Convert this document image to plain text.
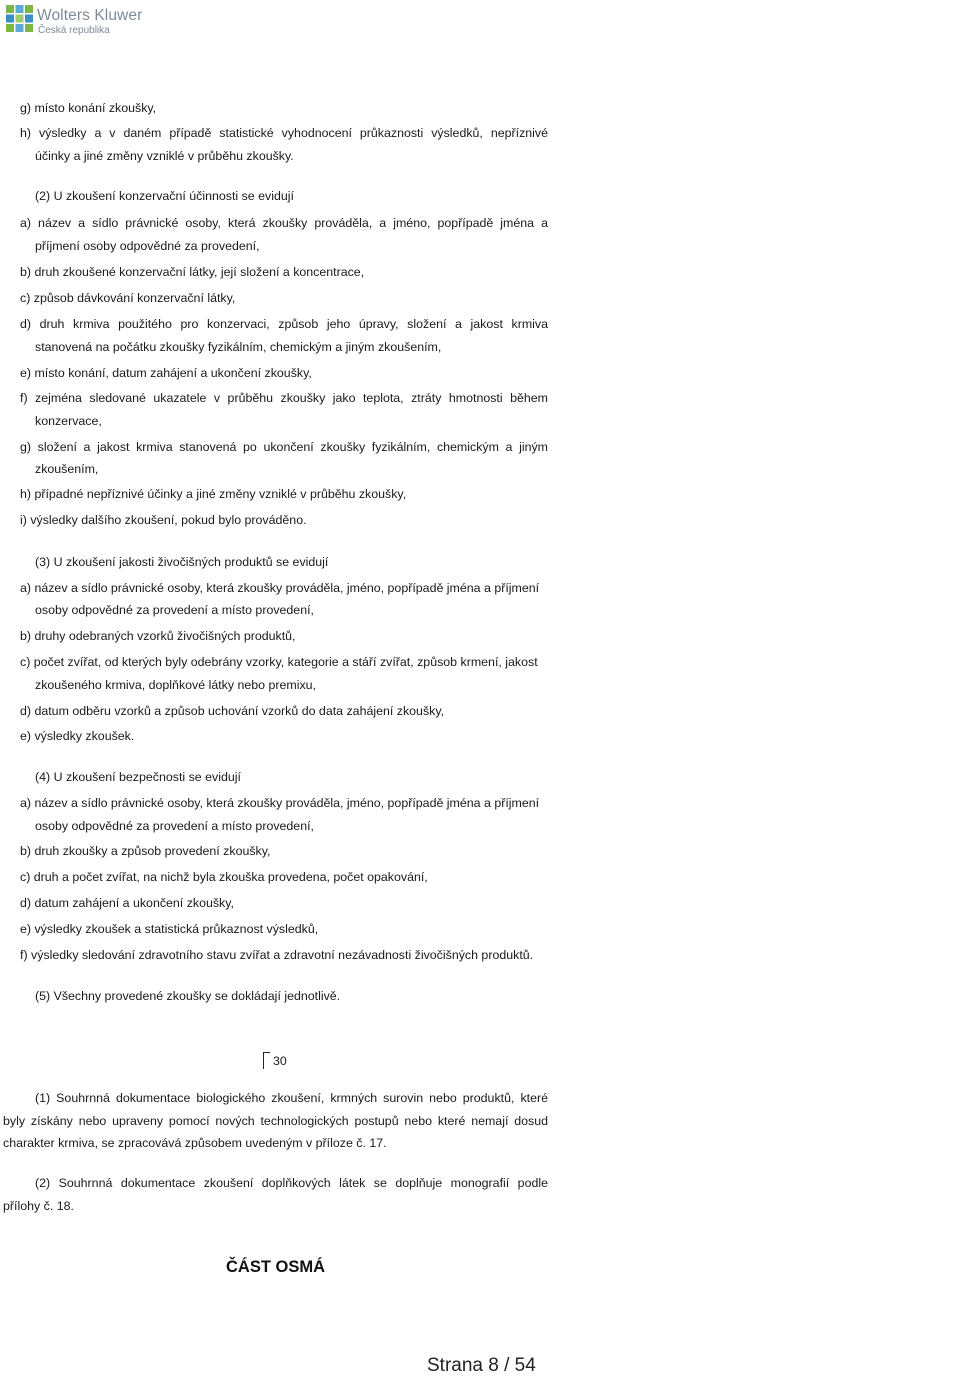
Wolters Kluwer
Česká republika
g) místo konání zkoušky,
h) výsledky a v daném případě statistické vyhodnocení průkaznosti výsledků, nepříznivé
účinky a jiné změny vzniklé v průběhu zkoušky.
(2) U zkoušení konzervační účinnosti se evidují
a) název a sídlo právnické osoby, která zkoušky prováděla, a jméno, popřípadě jména a
příjmení osoby odpovědné za provedení,
b) druh zkoušené konzervační látky, její složení a koncentrace,
c) způsob dávkování konzervační látky,
d) druh krmiva použitého pro konzervaci, způsob jeho úpravy, složení a jakost krmiva
stanovená na počátku zkoušky fyzikálním, chemickým a jiným zkoušením,
e) místo konání, datum zahájení a ukončení zkoušky,
f) zejména sledované ukazatele v průběhu zkoušky jako teplota, ztráty hmotnosti během
konzervace,
g) složení a jakost krmiva stanovená po ukončení zkoušky fyzikálním, chemickým a jiným
zkoušením,
h) případné nepříznivé účinky a jiné změny vzniklé v průběhu zkoušky,
i) výsledky dalšího zkoušení, pokud bylo prováděno.
(3) U zkoušení jakosti živočišných produktů se evidují
a) název a sídlo právnické osoby, která zkoušky prováděla, jméno, popřípadě jména a příjmení
osoby odpovědné za provedení a místo provedení,
b) druhy odebraných vzorků živočišných produktů,
c) počet zvířat, od kterých byly odebrány vzorky, kategorie a stáří zvířat, způsob krmení, jakost
zkoušeného krmiva, doplňkové látky nebo premixu,
d) datum odběru vzorků a způsob uchování vzorků do data zahájení zkoušky,
e) výsledky zkoušek.
(4) U zkoušení bezpečnosti se evidují
a) název a sídlo právnické osoby, která zkoušky prováděla, jméno, popřípadě jména a příjmení
osoby odpovědné za provedení a místo provedení,
b) druh zkoušky a způsob provedení zkoušky,
c) druh a počet zvířat, na nichž byla zkouška provedena, počet opakování,
d) datum zahájení a ukončení zkoušky,
e) výsledky zkoušek a statistická průkaznost výsledků,
f) výsledky sledování zdravotního stavu zvířat a zdravotní nezávadnosti živočišných produktů.
(5) Všechny provedené zkoušky se dokládají jednotlivě.
30
(1) Souhrnná dokumentace biologického zkoušení, krmných surovin nebo produktů, které
byly získány nebo upraveny pomocí nových technologických postupů nebo které nemají dosud
charakter krmiva, se zpracovává způsobem uvedeným v příloze č. 17.
(2) Souhrnná dokumentace zkoušení doplňkových látek se doplňuje monografií podle
přílohy č. 18.
ČÁST OSMÁ
Strana 8 / 54
